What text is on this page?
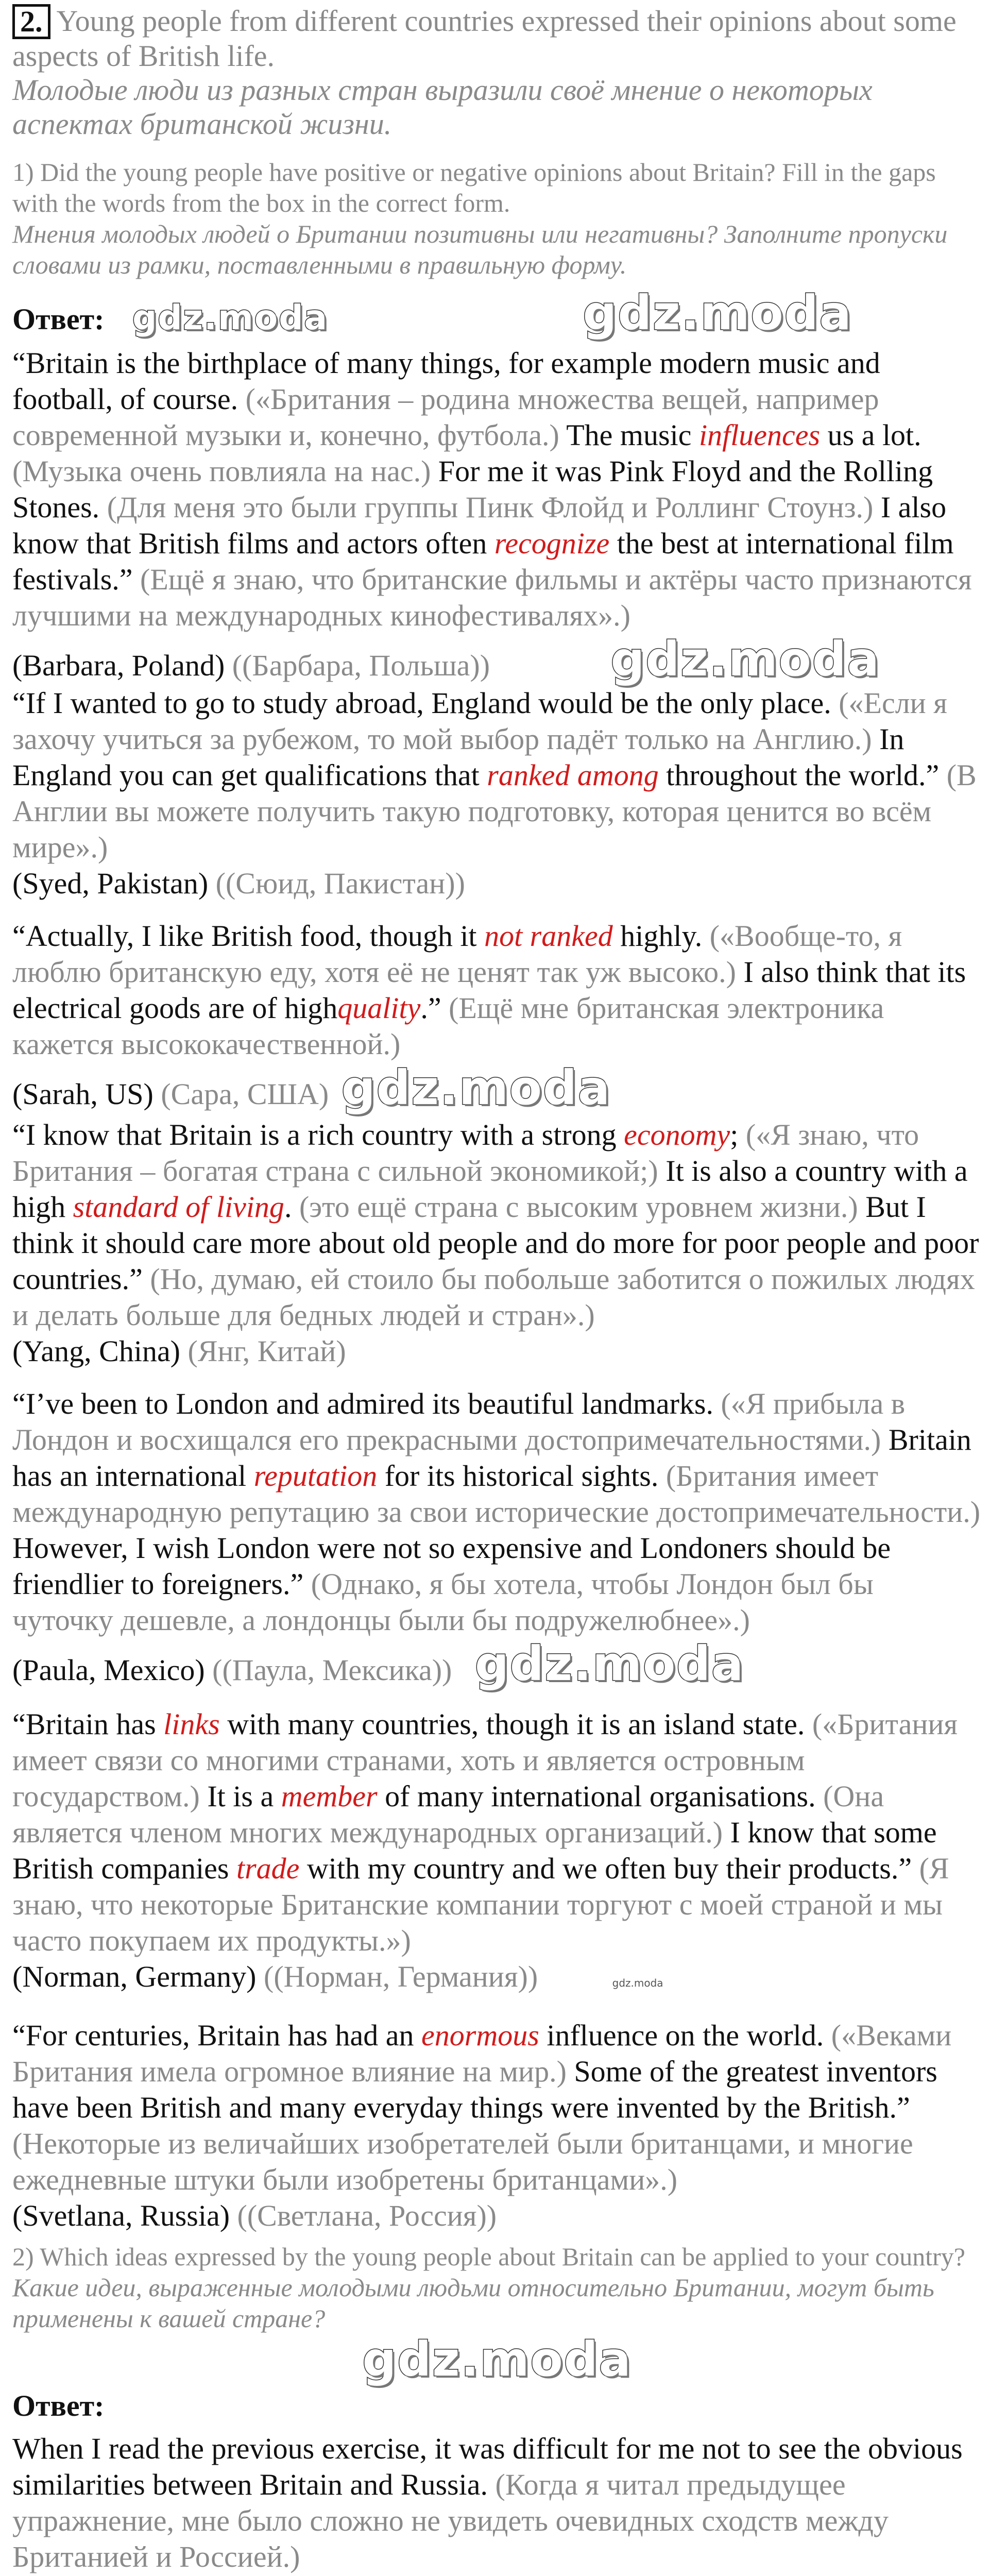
2. Young people from different countries expressed their opinions about some aspects of British life.
Молодые люди из разных стран выразили своё мнение о некоторых аспектах британской жизни.
1) Did the young people have positive or negative opinions about Britain? Fill in the gaps with the words from the box in the correct form.
Мнения молодых людей о Британии позитивны или негативны? Заполните пропуски словами из рамки, поставленными в правильную форму.
Ответ: gdz.moda	gdz.moda

“Britain is the birthplace of many things, for example modern music and football, of course. («Британия – родина множества вещей, например современной музыки и, конечно, футбола.) The music influences us a lot. (Музыка очень повлияла на нас.) For me it was Pink Floyd and the Rolling Stones. (Для меня это были группы Пинк Флойд и Роллинг Стоунз.) I also know that British films and actors often recognize the best at international film festivals.” (Ещё я знаю, что британские фильмы и актёры часто признаются лучшими на международных кинофестивалях».)

(Barbara, Poland) ((Барбара, Польша))	gdz.moda

“If I wanted to go to study abroad, England would be the only place. («Если я захочу учиться за рубежом, то мой выбор падёт только на Англию.) In England you can get qualifications that ranked among throughout the world.” (В Англии вы можете получить такую подготовку, которая ценится во всём мире».)

(Syed, Pakistan) ((Сюид, Пакистан))

“Actually, I like British food, though it not ranked highly. («Вообще-то, я люблю британскую еду, хотя её не ценят так уж высоко.) I also think that its electrical goods are of highquality.” (Ещё мне британская электроника кажется высококачественной.)

(Sarah, US) (Сара, США) gdz.moda

“I know that Britain is a rich country with a strong economy; («Я знаю, что Британия – богатая страна с сильной экономикой;) It is also a country with a high standard of living. (это ещё страна с высоким уровнем жизни.) But I think it should care more about old people and do more for poor people and poor countries.” (Но, думаю, ей стоило бы побольше заботится о пожилых людях и делать больше для бедных людей и стран».)

(Yang, China) (Янг, Китай)

“I’ve been to London and admired its beautiful landmarks. («Я прибыла в Лондон и восхищался его прекрасными достопримечательностями.) Britain has an international reputation for its historical sights. (Британия имеет международную репутацию за свои исторические достопримечательности.) However, I wish London were not so expensive and Londoners should be friendlier to foreigners.” (Однако, я бы хотела, чтобы Лондон был бы чуточку дешевле, а лондонцы были бы подружелюбнее».)

(Paula, Mexico) ((Паула, Мексика)) gdz.moda

“Britain has links with many countries, though it is an island state. («Британия имеет связи со многими странами, хоть и является островным государством.) It is a member of many international organisations. (Она является членом многих международных организаций.) I know that some British companies trade with my country and we often buy their products.” (Я знаю, что некоторые Британские компании торгуют с моей страной и мы часто покупаем их продукты.»)

(Norman, Germany) ((Норман, Германия))	gdz.moda

“For centuries, Britain has had an enormous influence on the world. («Веками Британия имела огромное влияние на мир.) Some of the greatest inventors have been British and many everyday things were invented by the British.” (Некоторые из величайших изобретателей были британцами, и многие ежедневные штуки были изобретены британцами».)

(Svetlana, Russia) ((Светлана, Россия))

2) Which ideas expressed by the young people about Britain can be applied to your country?
Какие идеи, выраженные молодыми людьми относительно Британии, могут быть применены к вашей стране?
gdz.moda
Ответ:

When I read the previous exercise, it was difficult for me not to see the obvious similarities between Britain and Russia. (Когда я читал предыдущее упражнение, мне было сложно не увидеть очевидных сходств между Британией и Россией.)
